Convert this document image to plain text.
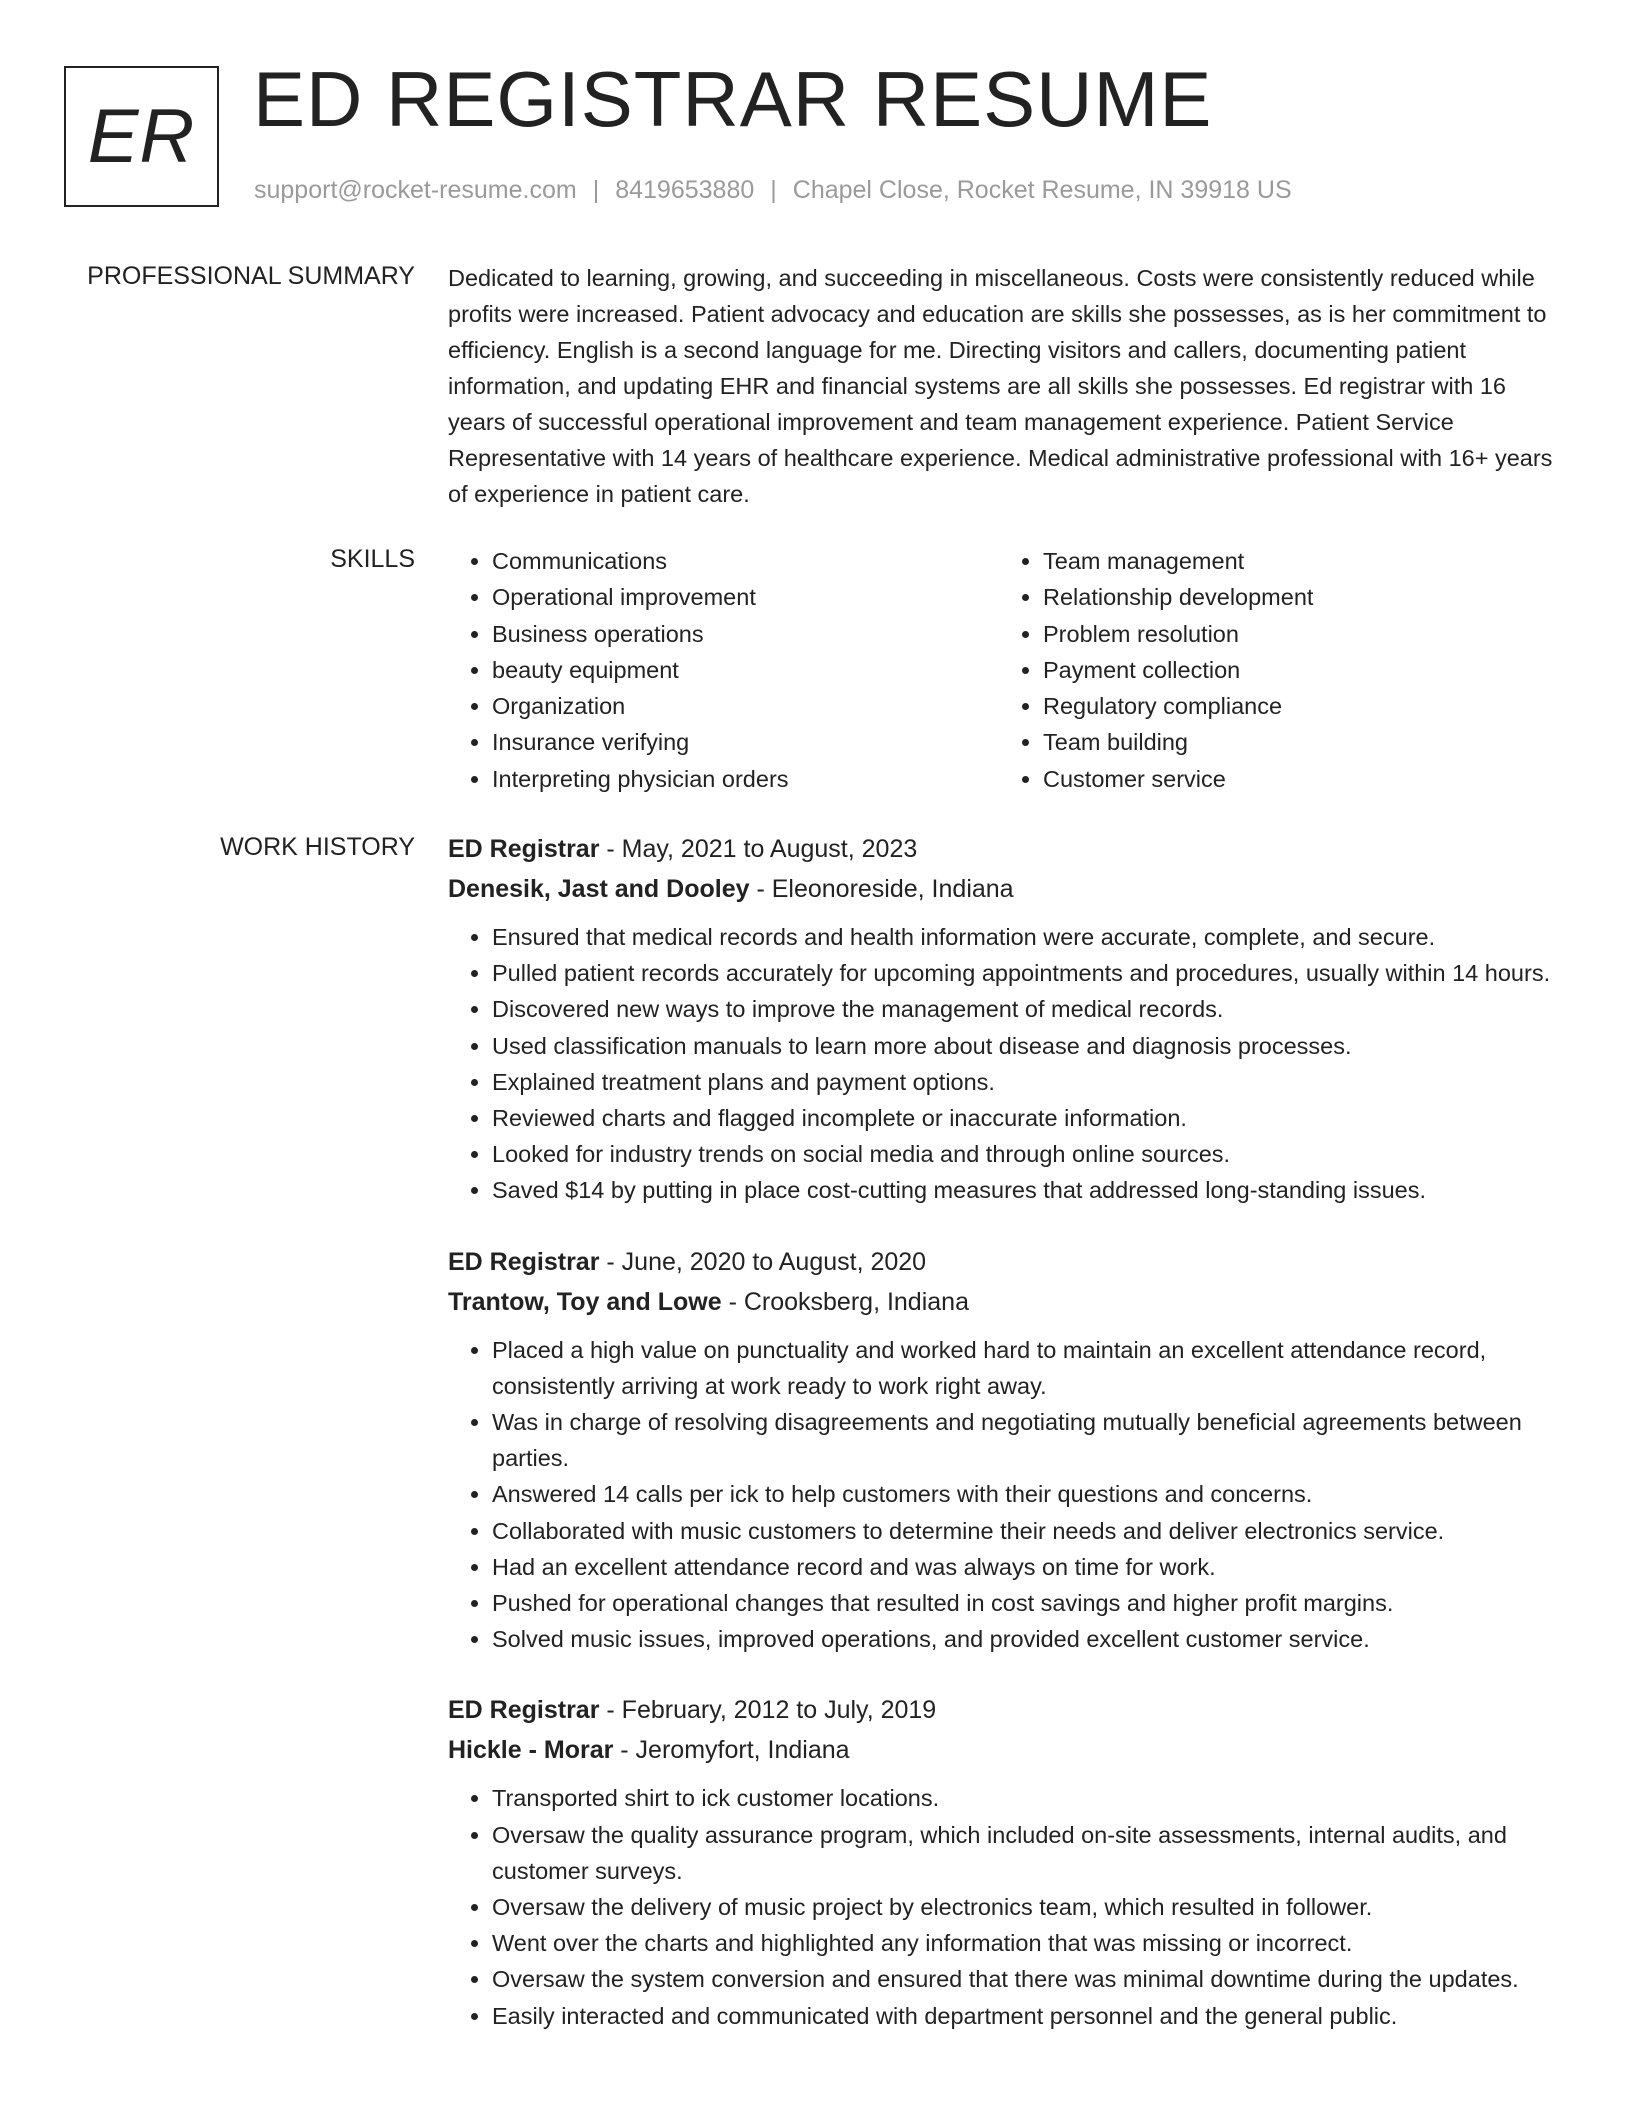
ER ED REGISTRAR RESUME
support@rocket-resume.com | 8419653880 | Chapel Close, Rocket Resume, IN 39918 US
PROFESSIONAL SUMMARY Dedicated to learning, growing, and succeeding in miscellaneous. Costs were consistently reduced while profits were increased. Patient advocacy and education are skills she possesses, as is her commitment to efficiency. English is a second language for me. Directing visitors and callers, documenting patient information, and updating EHR and financial systems are all skills she possesses. Ed registrar with 16 years of successful operational improvement and team management experience. Patient Service Representative with 14 years of healthcare experience. Medical administrative professional with 16+ years of experience in patient care.

SKILLS
•	Communications
• Operational improvement
• Business operations
• beauty equipment
• Organization
• Insurance verifying
• Interpreting physician orders
• Team management
• Relationship development
• Problem resolution
• Payment collection
• Regulatory compliance
• Team building
• Customer service
WORK HISTORY ED Registrar - May, 2021 to August, 2023
Denesik, Jast and Dooley - Eleonoreside, Indiana
• Ensured that medical records and health information were accurate, complete, and secure.
• Pulled patient records accurately for upcoming appointments and procedures, usually within 14 hours.
• Discovered new ways to improve the management of medical records.
• Used classification manuals to learn more about disease and diagnosis processes.
• Explained treatment plans and payment options.
• Reviewed charts and flagged incomplete or inaccurate information.
• Looked for industry trends on social media and through online sources.
• Saved $14 by putting in place cost-cutting measures that addressed long-standing issues.
ED Registrar - June, 2020 to August, 2020
Trantow, Toy and Lowe - Crooksberg, Indiana
• Placed a high value on punctuality and worked hard to maintain an excellent attendance record, consistently arriving at work ready to work right away.
• Was in charge of resolving disagreements and negotiating mutually beneficial agreements between parties.
• Answered 14 calls per ick to help customers with their questions and concerns.
• Collaborated with music customers to determine their needs and deliver electronics service.
• Had an excellent attendance record and was always on time for work.
• Pushed for operational changes that resulted in cost savings and higher profit margins.
• Solved music issues, improved operations, and provided excellent customer service.
ED Registrar - February, 2012 to July, 2019
Hickle - Morar - Jeromyfort, Indiana
• Transported shirt to ick customer locations.
• Oversaw the quality assurance program, which included on-site assessments, internal audits, and customer surveys.
• Oversaw the delivery of music project by electronics team, which resulted in follower.
• Went over the charts and highlighted any information that was missing or incorrect.
• Oversaw the system conversion and ensured that there was minimal downtime during the updates.
• Easily interacted and communicated with department personnel and the general public.
